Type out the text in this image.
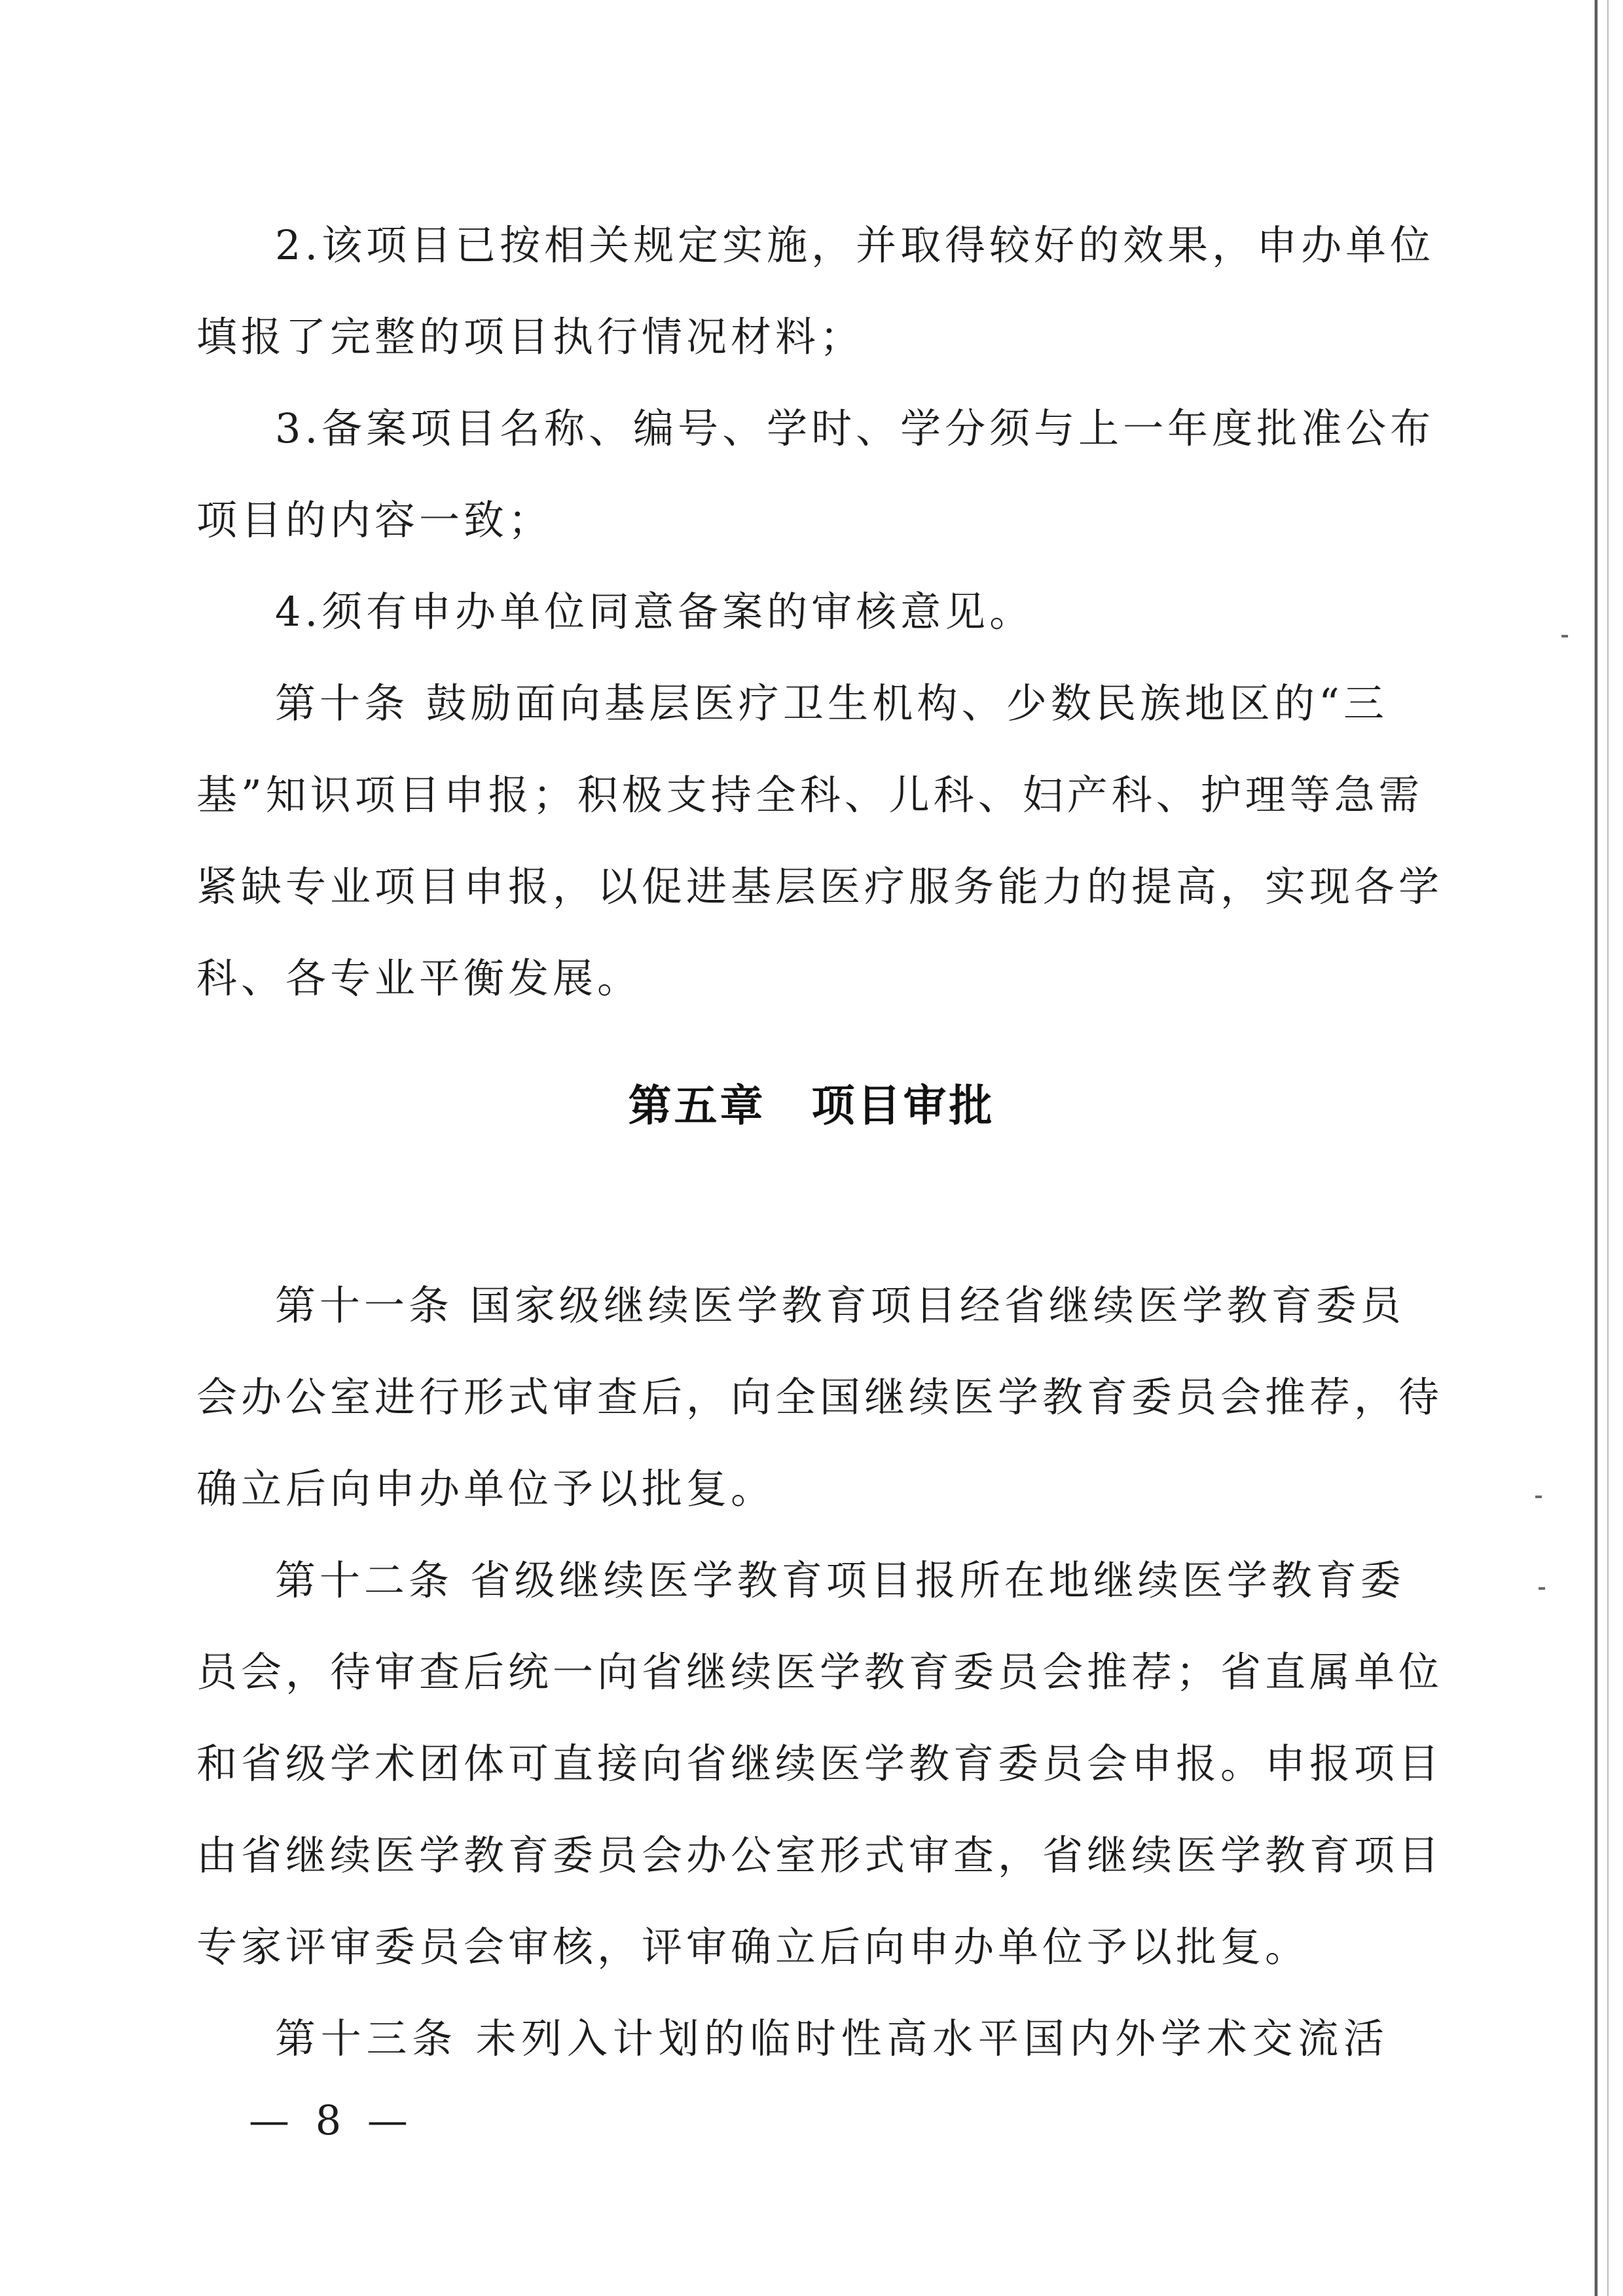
2.该项目已按相关规定实施，并取得较好的效果，申办单位
填报了完整的项目执行情况材料；
3.备案项目名称、编号、学时、学分须与上一年度批准公布
项目的内容一致；
4.须有申办单位同意备案的审核意见。
第十条 鼓励面向基层医疗卫生机构、少数民族地区的“三
基”知识项目申报；积极支持全科、儿科、妇产科、护理等急需
紧缺专业项目申报，以促进基层医疗服务能力的提高，实现各学
科、各专业平衡发展。
第五章 项目审批
第十一条 国家级继续医学教育项目经省继续医学教育委员
会办公室进行形式审查后，向全国继续医学教育委员会推荐，待
确立后向申办单位予以批复。
第十二条 省级继续医学教育项目报所在地继续医学教育委
员会，待审查后统一向省继续医学教育委员会推荐；省直属单位
和省级学术团体可直接向省继续医学教育委员会申报。申报项目
由省继续医学教育委员会办公室形式审查，省继续医学教育项目
专家评审委员会审核，评审确立后向申办单位予以批复。
第十三条 未列入计划的临时性高水平国内外学术交流活
— 8 —
